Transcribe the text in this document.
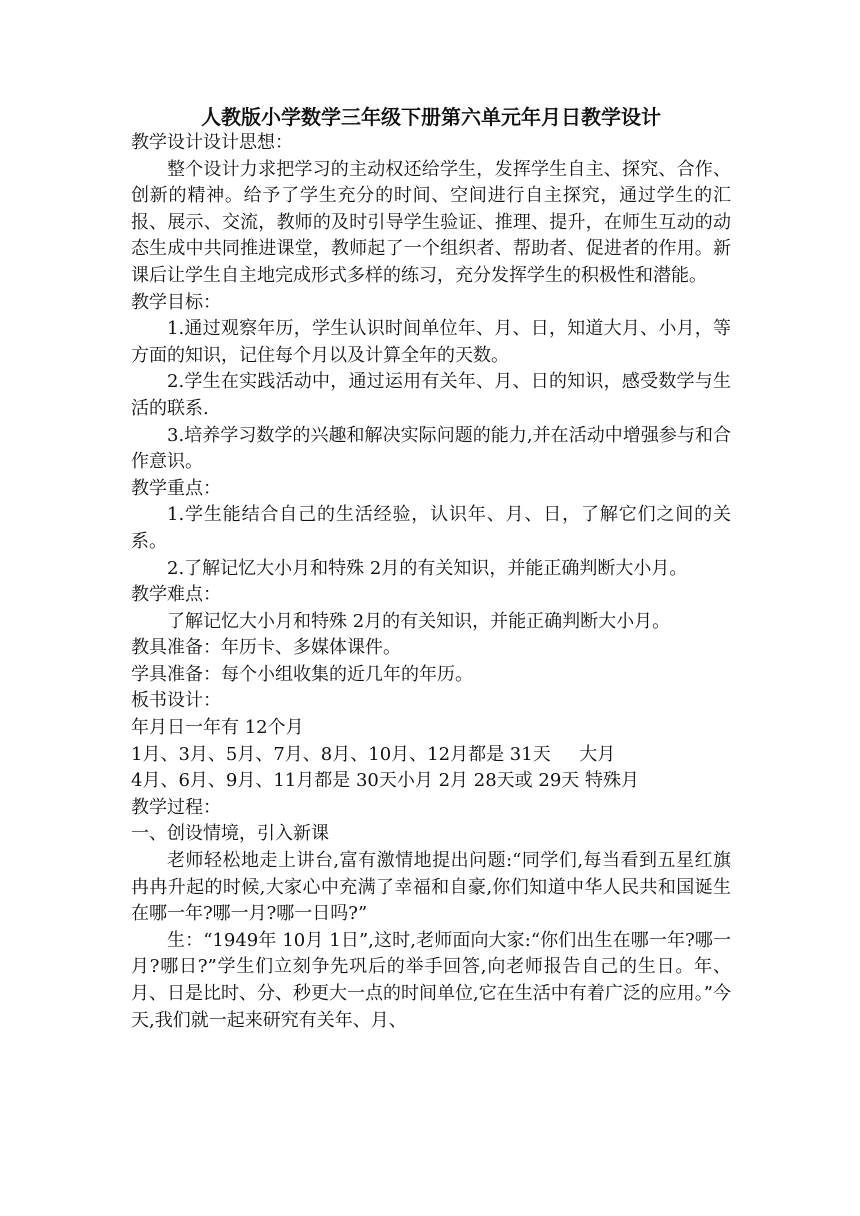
人教版小学数学三年级下册第六单元年月日教学设计

教学设计设计思想：

整个设计力求把学习的主动权还给学生，发挥学生自主、探究、合作、创新的精神。给予了学生充分的时间、空间进行自主探究，通过学生的汇报、展示、交流，教师的及时引导学生验证、推理、提升，在师生互动的动态生成中共同推进课堂，教师起了一个组织者、帮助者、促进者的作用。新课后让学生自主地完成形式多样的练习，充分发挥学生的积极性和潜能。

教学目标：

1.通过观察年历，学生认识时间单位年、月、日，知道大月、小月，等方面的知识，记住每个月以及计算全年的天数。

2.学生在实践活动中，通过运用有关年、月、日的知识，感受数学与生活的联系.

3.培养学习数学的兴趣和解决实际问题的能力,并在活动中增强参与和合作意识。

教学重点：

1.学生能结合自己的生活经验，认识年、月、日，了解它们之间的关系。

2.了解记忆大小月和特殊 2月的有关知识，并能正确判断大小月。

教学难点：

了解记忆大小月和特殊 2月的有关知识，并能正确判断大小月。

教具准备：年历卡、多媒体课件。

学具准备：每个小组收集的近几年的年历。

板书设计：

年月日一年有 12个月

1月、3月、5月、7月、8月、10月、12月都是 31天     大月

4月、6月、9月、11月都是 30天小月 2月 28天或 29天 特殊月

教学过程：

一、创设情境，引入新课

老师轻松地走上讲台,富有激情地提出问题:“同学们,每当看到五星红旗冉冉升起的时候,大家心中充满了幸福和自豪,你们知道中华人民共和国诞生在哪一年?哪一月?哪一日吗?”

生：“1949年 10月 1日”,这时,老师面向大家:“你们出生在哪一年?哪一月?哪日?”学生们立刻争先巩后的举手回答,向老师报告自己的生日。年、月、日是比时、分、秒更大一点的时间单位,它在生活中有着广泛的应用。”今天,我们就一起来研究有关年、月、
